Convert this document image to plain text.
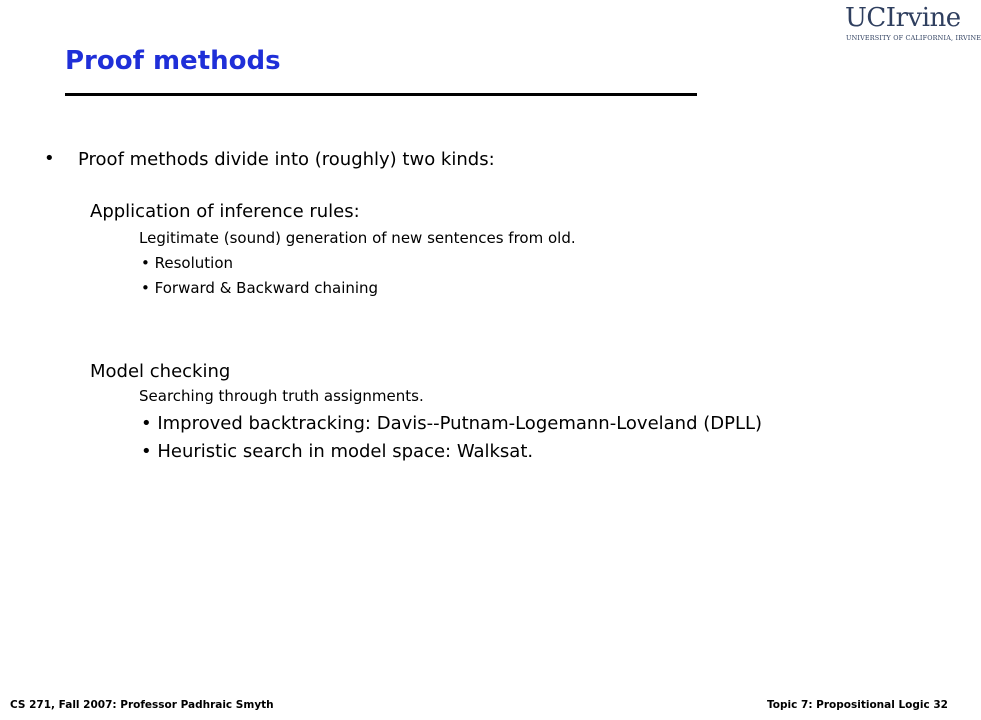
UCIrvine
UNIVERSITY OF CALIFORNIA, IRVINE
Proof methods
• Proof methods divide into (roughly) two kinds:
Application of inference rules:
Legitimate (sound) generation of new sentences from old.
• Resolution
• Forward & Backward chaining
Model checking
Searching through truth assignments.
• Improved backtracking: Davis--Putnam-Logemann-Loveland (DPLL)
• Heuristic search in model space: Walksat.
CS 271, Fall 2007: Professor Padhraic Smyth	Topic 7: Propositional Logic 32
